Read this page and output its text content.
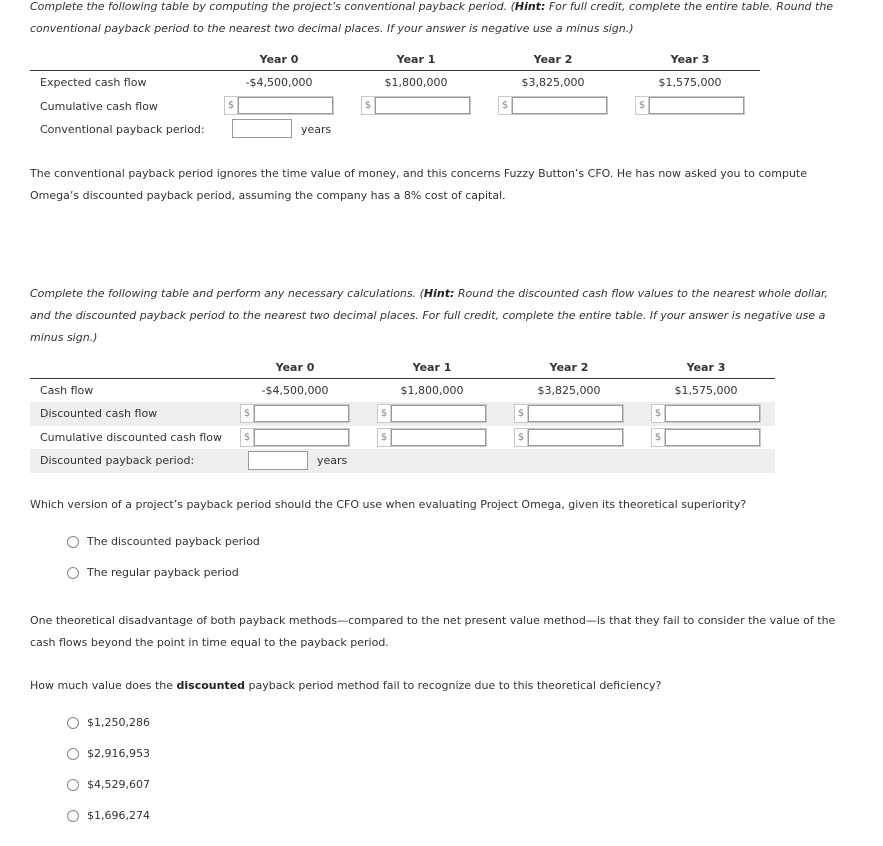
Complete the following table by computing the project’s conventional payback period. (Hint: For full credit, complete the entire table. Round the conventional payback period to the nearest two decimal places. If your answer is negative use a minus sign.)
Year 0	Year 1	Year 2	Year 3
Expected cash flow	-$4,500,000	$1,800,000	$3,825,000	$1,575,000
Cumulative cash flow	$	$	$	$
Conventional payback period:	years
The conventional payback period ignores the time value of money, and this concerns Fuzzy Button’s CFO. He has now asked you to compute Omega’s discounted payback period, assuming the company has a 8% cost of capital.
Complete the following table and perform any necessary calculations. (Hint: Round the discounted cash flow values to the nearest whole dollar, and the discounted payback period to the nearest two decimal places. For full credit, complete the entire table. If your answer is negative use a minus sign.)
Year 0	Year 1	Year 2	Year 3
Cash flow	-$4,500,000	$1,800,000	$3,825,000	$1,575,000
Discounted cash flow	$	$	$	$
Cumulative discounted cash flow $	$	$	$
Discounted payback period:	years
Which version of a project’s payback period should the CFO use when evaluating Project Omega, given its theoretical superiority?
The discounted payback period
The regular payback period
One theoretical disadvantage of both payback methods—compared to the net present value method—is that they fail to consider the value of the cash flows beyond the point in time equal to the payback period.
How much value does the discounted payback period method fail to recognize due to this theoretical deficiency?
$1,250,286
$2,916,953
$4,529,607
$1,696,274
